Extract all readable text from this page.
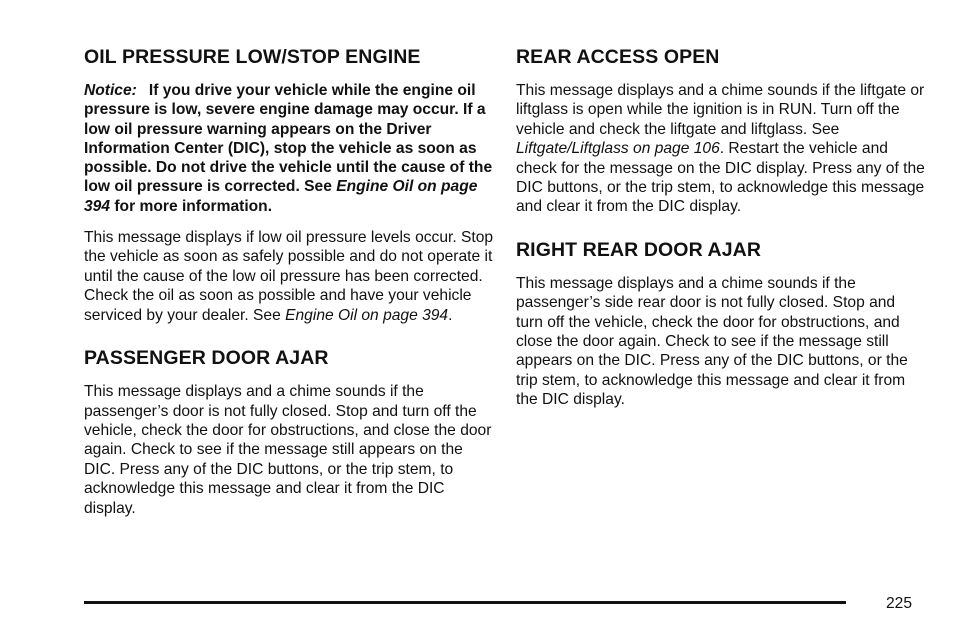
OIL PRESSURE LOW/STOP ENGINE
Notice: If you drive your vehicle while the engine oil pressure is low, severe engine damage may occur. If a low oil pressure warning appears on the Driver Information Center (DIC), stop the vehicle as soon as possible. Do not drive the vehicle until the cause of the low oil pressure is corrected. See Engine Oil on page 394 for more information.

This message displays if low oil pressure levels occur. Stop the vehicle as soon as safely possible and do not operate it until the cause of the low oil pressure has been corrected. Check the oil as soon as possible and have your vehicle serviced by your dealer. See Engine Oil on page 394.

PASSENGER DOOR AJAR

This message displays and a chime sounds if the passenger’s door is not fully closed. Stop and turn off the vehicle, check the door for obstructions, and close the door again. Check to see if the message still appears on the DIC. Press any of the DIC buttons, or the trip stem, to acknowledge this message and clear it from the DIC display.

REAR ACCESS OPEN

This message displays and a chime sounds if the liftgate or liftglass is open while the ignition is in RUN. Turn off the vehicle and check the liftgate and liftglass. See Liftgate/Liftglass on page 106. Restart the vehicle and check for the message on the DIC display. Press any of the DIC buttons, or the trip stem, to acknowledge this message and clear it from the DIC display.

RIGHT REAR DOOR AJAR

This message displays and a chime sounds if the passenger’s side rear door is not fully closed. Stop and turn off the vehicle, check the door for obstructions, and close the door again. Check to see if the message still appears on the DIC. Press any of the DIC buttons, or the trip stem, to acknowledge this message and clear it from the DIC display.

225
